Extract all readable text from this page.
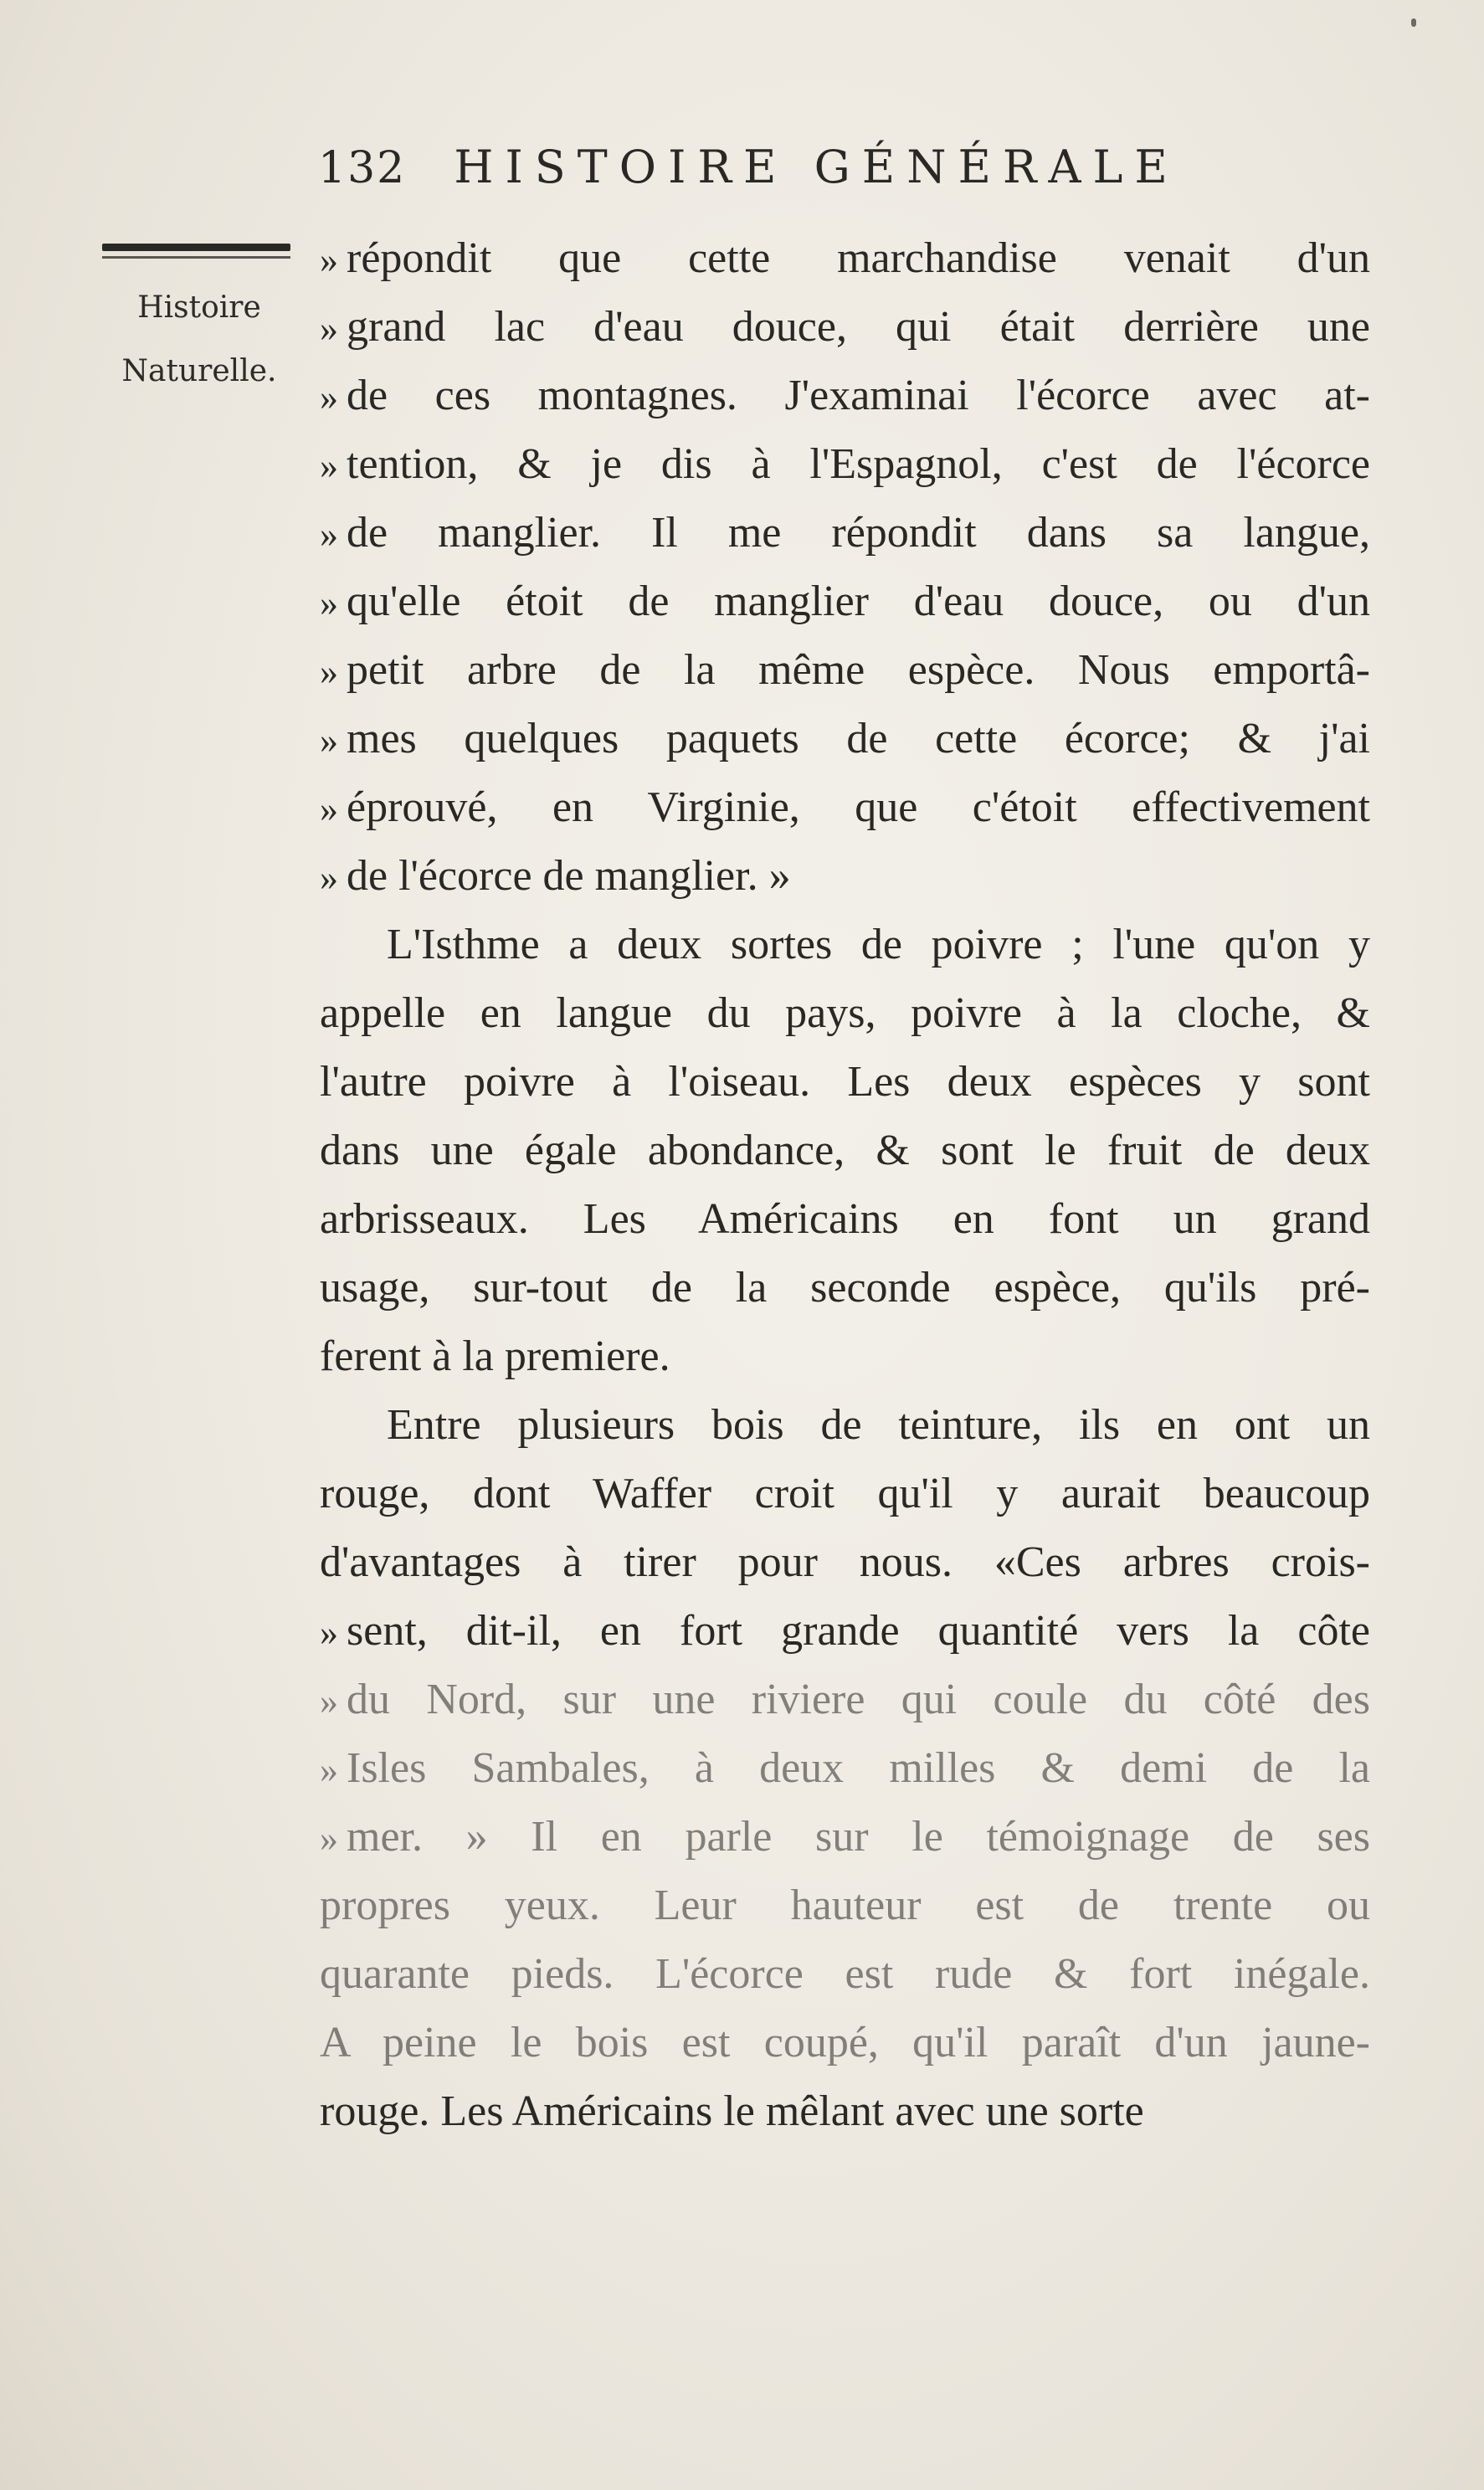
132 HISTOIRE GÉNÉRALE
Histoire
Naturelle.
» répondit que cette marchandise venait d'un
» grand lac d'eau douce, qui était derrière une
» de ces montagnes. J'examinai l'écorce avec at-
» tention, & je dis à l'Espagnol, c'est de l'écorce
» de manglier. Il me répondit dans sa langue,
» qu'elle étoit de manglier d'eau douce, ou d'un
» petit arbre de la même espèce. Nous emportâ-
» mes quelques paquets de cette écorce; & j'ai
» éprouvé, en Virginie, que c'étoit effectivement
» de l'écorce de manglier. »
L'Isthme a deux sortes de poivre ; l'une qu'on y
appelle en langue du pays, poivre à la cloche, &
l'autre poivre à l'oiseau. Les deux espèces y sont
dans une égale abondance, & sont le fruit de deux
arbrisseaux. Les Américains en font un grand
usage, sur-tout de la seconde espèce, qu'ils pré-
ferent à la premiere.
Entre plusieurs bois de teinture, ils en ont un
rouge, dont Waffer croit qu'il y aurait beaucoup
d'avantages à tirer pour nous. «Ces arbres crois-
» sent, dit-il, en fort grande quantité vers la côte
» du Nord, sur une riviere qui coule du côté des
» Isles Sambales, à deux milles & demi de la
» mer. » Il en parle sur le témoignage de ses
propres yeux. Leur hauteur est de trente ou
quarante pieds. L'écorce est rude & fort inégale.
A peine le bois est coupé, qu'il paraît d'un jaune-
rouge. Les Américains le mêlant avec une sorte
